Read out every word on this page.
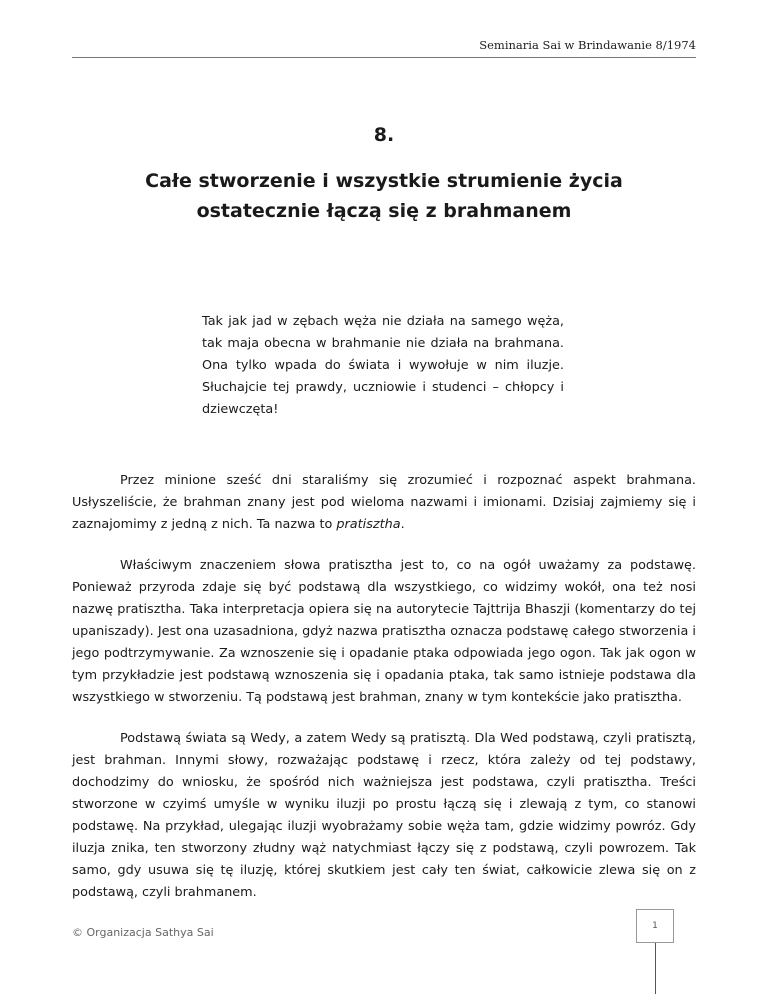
Seminaria Sai w Brindawanie 8/1974
8.
Całe stworzenie i wszystkie strumienie życia
ostatecznie łączą się z brahmanem
Tak jak jad w zębach węża nie działa na samego węża, tak maja obecna w brahmanie nie działa na brahmana. Ona tylko wpada do świata i wywołuje w nim iluzje. Słuchajcie tej prawdy, uczniowie i studenci – chłopcy i dziewczęta!

Przez minione sześć dni staraliśmy się zrozumieć i rozpoznać aspekt brahmana. Usłyszeliście, że brahman znany jest pod wieloma nazwami i imionami. Dzisiaj zajmiemy się i zaznajomimy z jedną z nich. Ta nazwa to pratisztha.

Właściwym znaczeniem słowa pratisztha jest to, co na ogół uważamy za podstawę. Ponieważ przyroda zdaje się być podstawą dla wszystkiego, co widzimy wokół, ona też nosi nazwę pratisztha. Taka interpretacja opiera się na autorytecie Tajttrija Bhaszji (komentarzy do tej upaniszady). Jest ona uzasadniona, gdyż nazwa pratisztha oznacza podstawę całego stworzenia i jego podtrzymywanie. Za wznoszenie się i opadanie ptaka odpowiada jego ogon. Tak jak ogon w tym przykładzie jest podstawą wznoszenia się i opadania ptaka, tak samo istnieje podstawa dla wszystkiego w stworzeniu. Tą podstawą jest brahman, znany w tym kontekście jako pratisztha.

Podstawą świata są Wedy, a zatem Wedy są pratisztą. Dla Wed podstawą, czyli pratisztą, jest brahman. Innymi słowy, rozważając podstawę i rzecz, która zależy od tej podstawy, dochodzimy do wniosku, że spośród nich ważniejsza jest podstawa, czyli pratisztha. Treści stworzone w czyimś umyśle w wyniku iluzji po prostu łączą się i zlewają z tym, co stanowi podstawę. Na przykład, ulegając iluzji wyobrażamy sobie węża tam, gdzie widzimy powróz. Gdy iluzja znika, ten stworzony złudny wąż natychmiast łączy się z podstawą, czyli powrozem. Tak samo, gdy usuwa się tę iluzję, której skutkiem jest cały ten świat, całkowicie zlewa się on z podstawą, czyli brahmanem.

© Organizacja Sathya Sai	1
